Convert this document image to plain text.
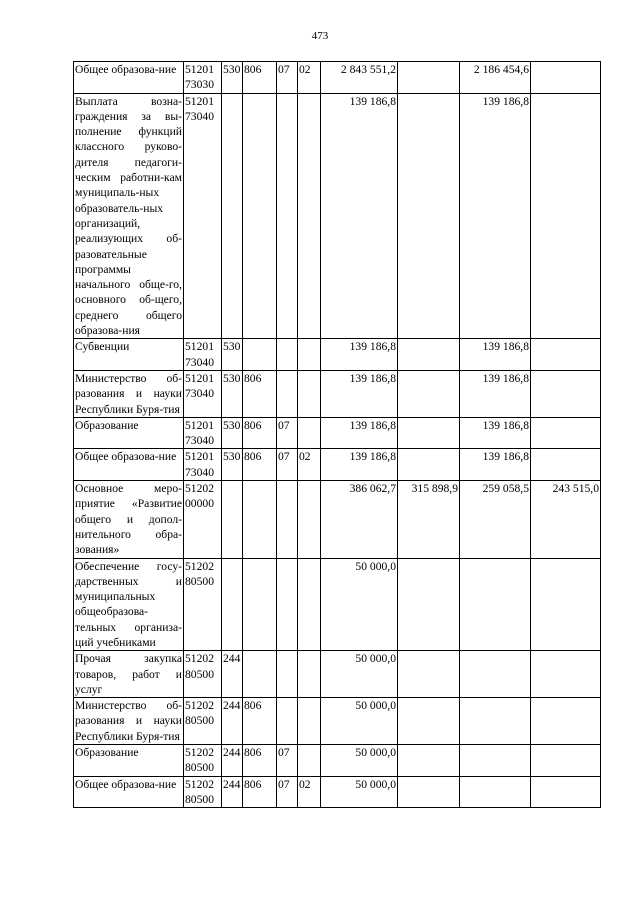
473
Общее образова-ние	51201 73030	530	806	07	02	2 843 551,2		2 186 454,6	
Выплата возна-граждения за вы-полнение функций классного руково-дителя педагоги-ческим работни-кам муниципаль-ных образователь-ных организаций, реализующих об-разовательные программы начального обще-го, основного об-щего, среднего общего образова-ния	51201 73040					139 186,8		139 186,8	
Субвенции	51201 73040	530				139 186,8		139 186,8	
Министерство об-разования и науки Республики Буря-тия	51201 73040	530	806			139 186,8		139 186,8	
Образование	51201 73040	530	806	07		139 186,8		139 186,8	
Общее образова-ние	51201 73040	530	806	07	02	139 186,8		139 186,8	
Основное меро-приятие «Развитие общего и допол-нительного обра-зования»	51202 00000					386 062,7	315 898,9	259 058,5	243 515,0
Обеспечение госу-дарственных и муниципальных общеобразова-тельных организа-ций учебниками	51202 80500					50 000,0			
Прочая закупка товаров, работ и услуг	51202 80500	244				50 000,0			
Министерство об-разования и науки Республики Буря-тия	51202 80500	244	806			50 000,0			
Образование	51202 80500	244	806	07		50 000,0			
Общее образова-ние	51202 80500	244	806	07	02	50 000,0			
